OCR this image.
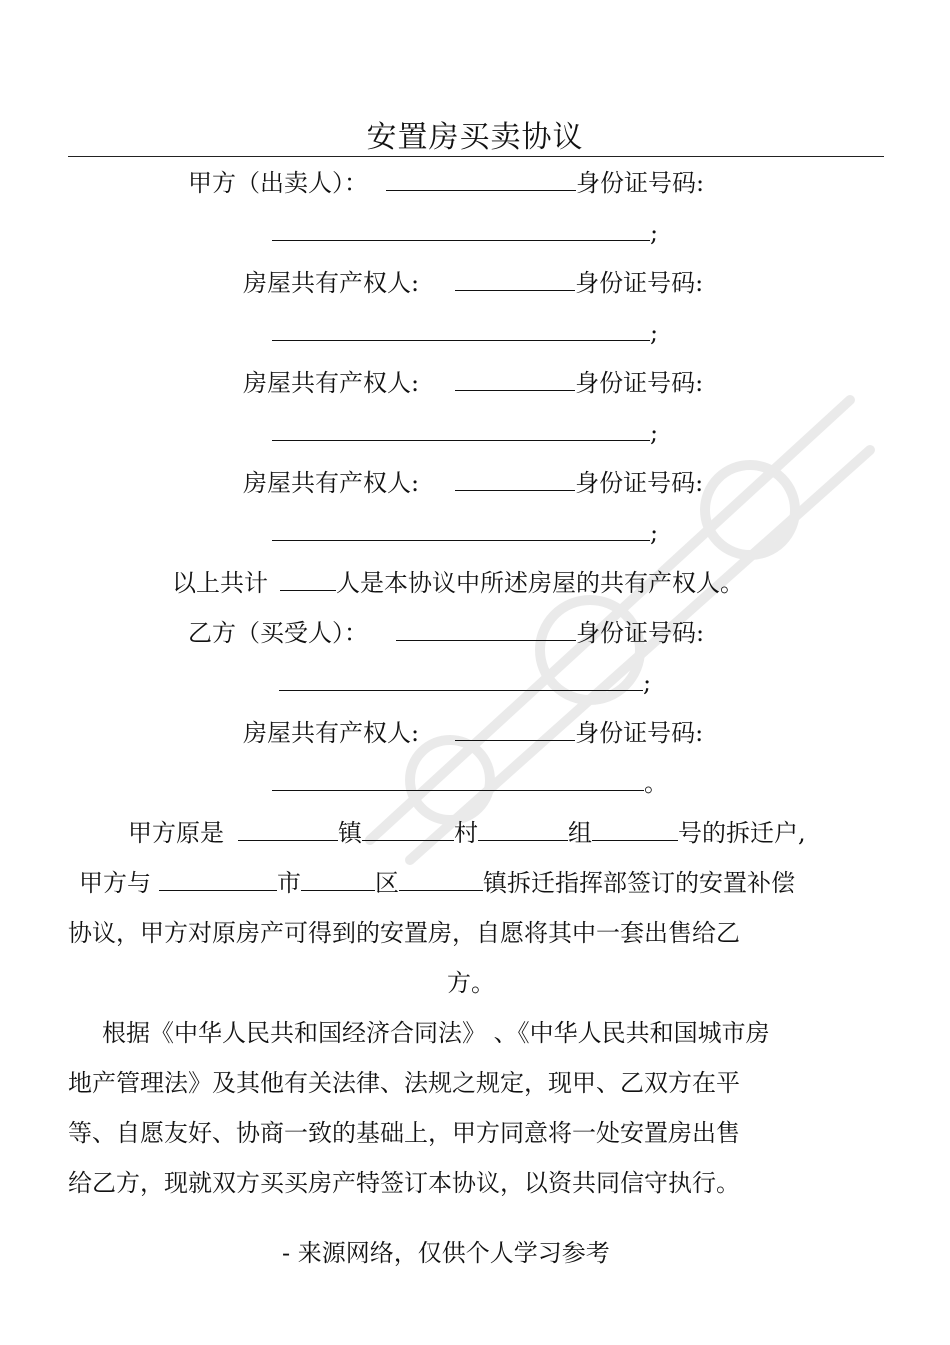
安置房买卖协议
甲方（出卖人）：	身份证号码:
;
房屋共有产权人:	身份证号码:
;
房屋共有产权人:	身份证号码:
;
房屋共有产权人:	身份证号码:
;
以上共计	人是本协议中所述房屋的共有产权人。
乙方（买受人）：	身份证号码:
;
房屋共有产权人:	身份证号码:
。
甲方原是	镇	村	组	号的拆迁户,
甲方与	市	区	镇拆迁指挥部签订的安置补偿
协议，甲方对原房产可得到的安置房，自愿将其中一套出售给乙
方。
根据《中华人民共和国经济合同法》 、《中华人民共和国城市房
地产管理法》及其他有关法律、法规之规定，现甲、乙双方在平
等、自愿友好、协商一致的基础上，甲方同意将一处安置房出售
给乙方，现就双方买买房产特签订本协议，以资共同信守执行。
- 来源网络，仅供个人学习参考
